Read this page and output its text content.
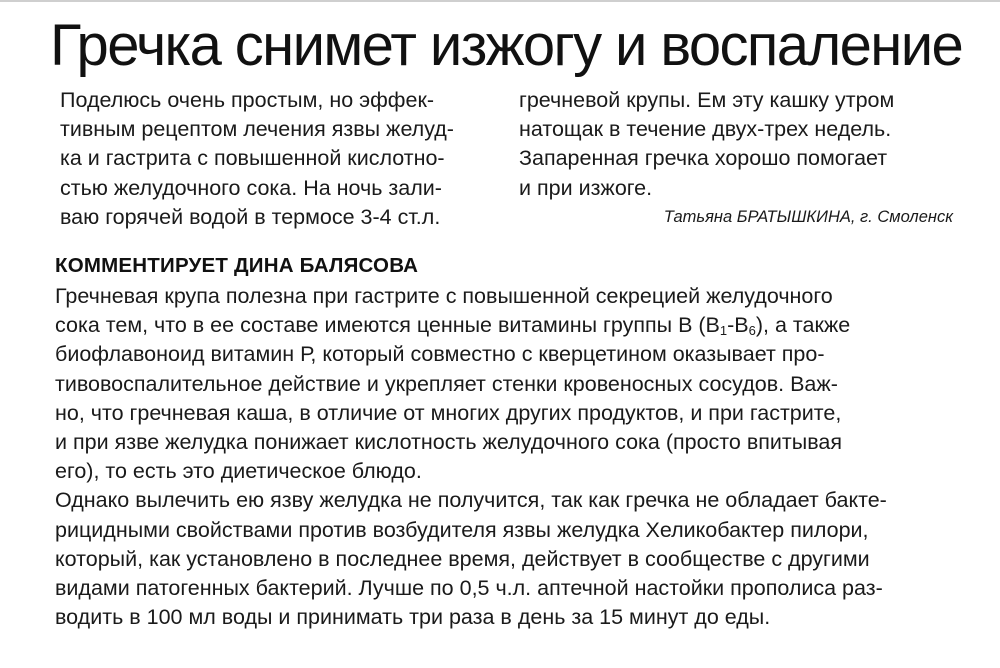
Гречка снимет изжогу и воспаление
Поделюсь очень простым, но эффек-
тивным рецептом лечения язвы желуд-
ка и гастрита с повышенной кислотно-
стью желудочного сока. На ночь зали-
ваю горячей водой в термосе 3-4 ст.л.
гречневой крупы. Ем эту кашку утром
натощак в течение двух-трех недель.
Запаренная гречка хорошо помогает
и при изжоге.
Татьяна БРАТЫШКИНА, г. Смоленск
КОММЕНТИРУЕТ ДИНА БАЛЯСОВА
Гречневая крупа полезна при гастрите с повышенной секрецией желудочного
сока тем, что в ее составе имеются ценные витамины группы В $(В_1-В_6)$, а также
биофлавоноид витамин Р, который совместно с кверцетином оказывает про-
тивовоспалительное действие и укрепляет стенки кровеносных сосудов. Важ-
но, что гречневая каша, в отличие от многих других продуктов, и при гастрите,
и при язве желудка понижает кислотность желудочного сока (просто впитывая
его), то есть это диетическое блюдо.
Однако вылечить ею язву желудка не получится, так как гречка не обладает бакте-
рицидными свойствами против возбудителя язвы желудка Хеликобактер пилори,
который, как установлено в последнее время, действует в сообществе с другими
видами патогенных бактерий. Лучше по 0,5 ч.л. аптечной настойки прополиса раз-
водить в 100 мл воды и принимать три раза в день за 15 минут до еды.
